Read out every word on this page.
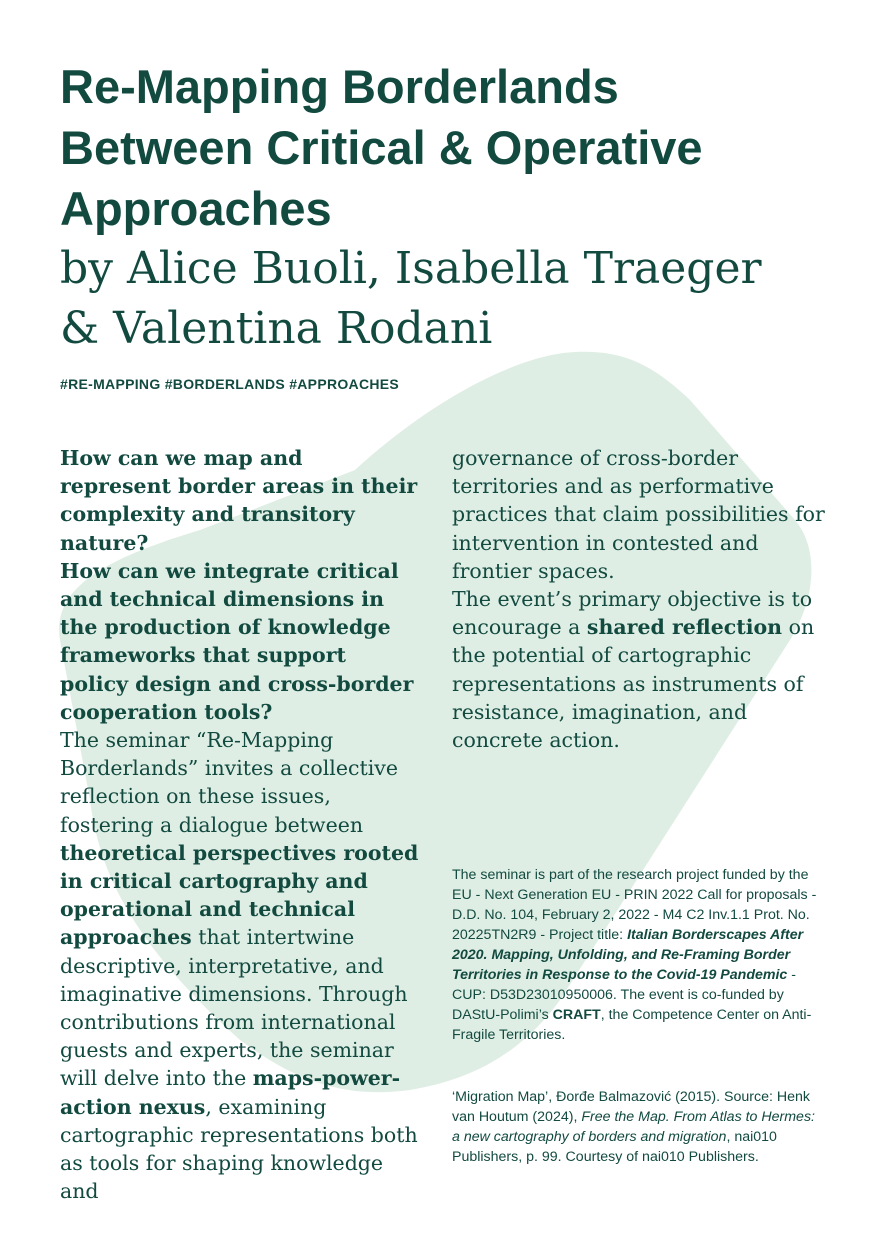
Re-Mapping Borderlands
Between Critical & Operative
Approaches
by Alice Buoli, Isabella Traeger
& Valentina Rodani
#RE-MAPPING #BORDERLANDS #APPROACHES

How can we map and represent border areas in their complexity and transitory nature?

How can we integrate critical and technical dimensions in the production of knowledge frameworks that support policy design and cross-border cooperation tools?

The seminar “Re-Mapping Borderlands” invites a collective reflection on these issues, fostering a dialogue between theoretical perspectives rooted in critical cartography and operational and technical approaches that intertwine descriptive, interpretative, and imaginative dimensions. Through contributions from international guests and experts, the seminar will delve into the maps-power-action nexus, examining cartographic representations both as tools for shaping knowledge and

governance of cross-border territories and as performative practices that claim possibilities for intervention in contested and frontier spaces.

The event’s primary objective is to encourage a shared reflection on the potential of cartographic representations as instruments of resistance, imagination, and concrete action.

The seminar is part of the research project funded by the EU - Next Generation EU - PRIN 2022 Call for proposals - D.D. No. 104, February 2, 2022 - M4 C2 Inv.1.1 Prot. No. 20225TN2R9 - Project title: Italian Borderscapes After 2020. Mapping, Unfolding, and Re-Framing Border Territories in Response to the Covid-19 Pandemic - CUP: D53D23010950006. The event is co-funded by DAStU-Polimi’s CRAFT, the Competence Center on Anti-Fragile Territories.

‘Migration Map’, Đorđe Balmazović (2015). Source: Henk van Houtum (2024), Free the Map. From Atlas to Hermes: a new cartography of borders and migration, nai010 Publishers, p. 99. Courtesy of nai010 Publishers.
